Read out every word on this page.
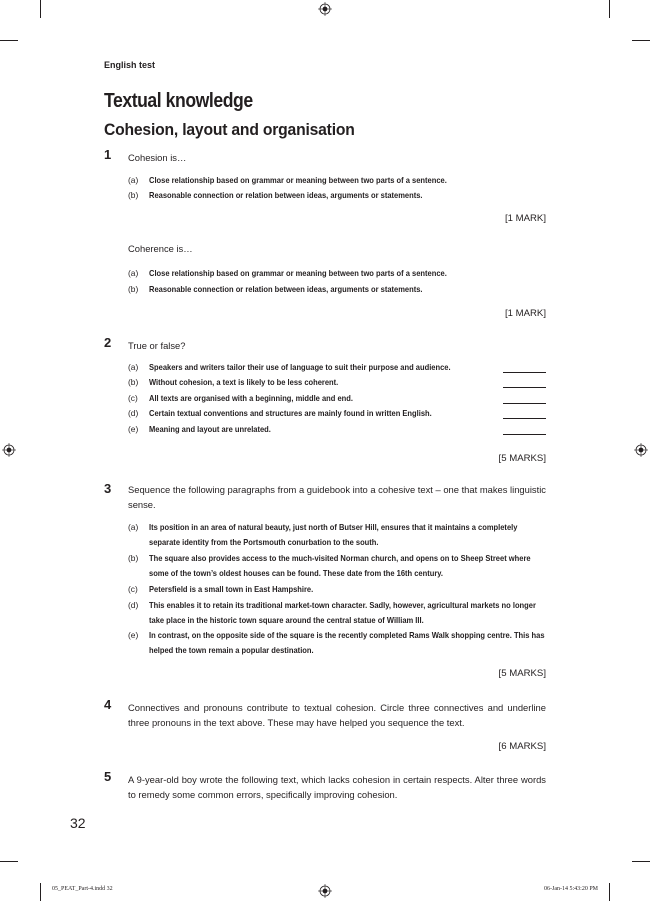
English test
Textual knowledge
Cohesion, layout and organisation
1 Cohesion is…
(a)	Close relationship based on grammar or meaning between two parts of a sentence.
(b)	Reasonable connection or relation between ideas, arguments or statements.
[1 MARK]
Coherence is…
(a)	Close relationship based on grammar or meaning between two parts of a sentence.
(b)	Reasonable connection or relation between ideas, arguments or statements.
[1 MARK]
2 True or false?
(a)	Speakers and writers tailor their use of language to suit their purpose and audience.
(b)	Without cohesion, a text is likely to be less coherent.
(c)	All texts are organised with a beginning, middle and end.
(d)	Certain textual conventions and structures are mainly found in written English.
(e)	Meaning and layout are unrelated.
[5 MARKS]
3 Sequence the following paragraphs from a guidebook into a cohesive text – one that makes linguistic sense.
(a)	Its position in an area of natural beauty, just north of Butser Hill, ensures that it maintains a completely separate identity from the Portsmouth conurbation to the south.
(b)	The square also provides access to the much-visited Norman church, and opens on to Sheep Street where some of the town’s oldest houses can be found. These date from the 16th century.
(c)	Petersfield is a small town in East Hampshire.
(d)	This enables it to retain its traditional market-town character. Sadly, however, agricultural markets no longer take place in the historic town square around the central statue of William III.
(e)	In contrast, on the opposite side of the square is the recently completed Rams Walk shopping centre. This has helped the town remain a popular destination.
[5 MARKS]
4 Connectives and pronouns contribute to textual cohesion. Circle three connectives and underline three pronouns in the text above. These may have helped you sequence the text.
[6 MARKS]
5 A 9-year-old boy wrote the following text, which lacks cohesion in certain respects. Alter three words to remedy some common errors, specifically improving cohesion.
32
05_PEAT_Part-4.indd 32	06-Jan-14 5:43:20 PM
